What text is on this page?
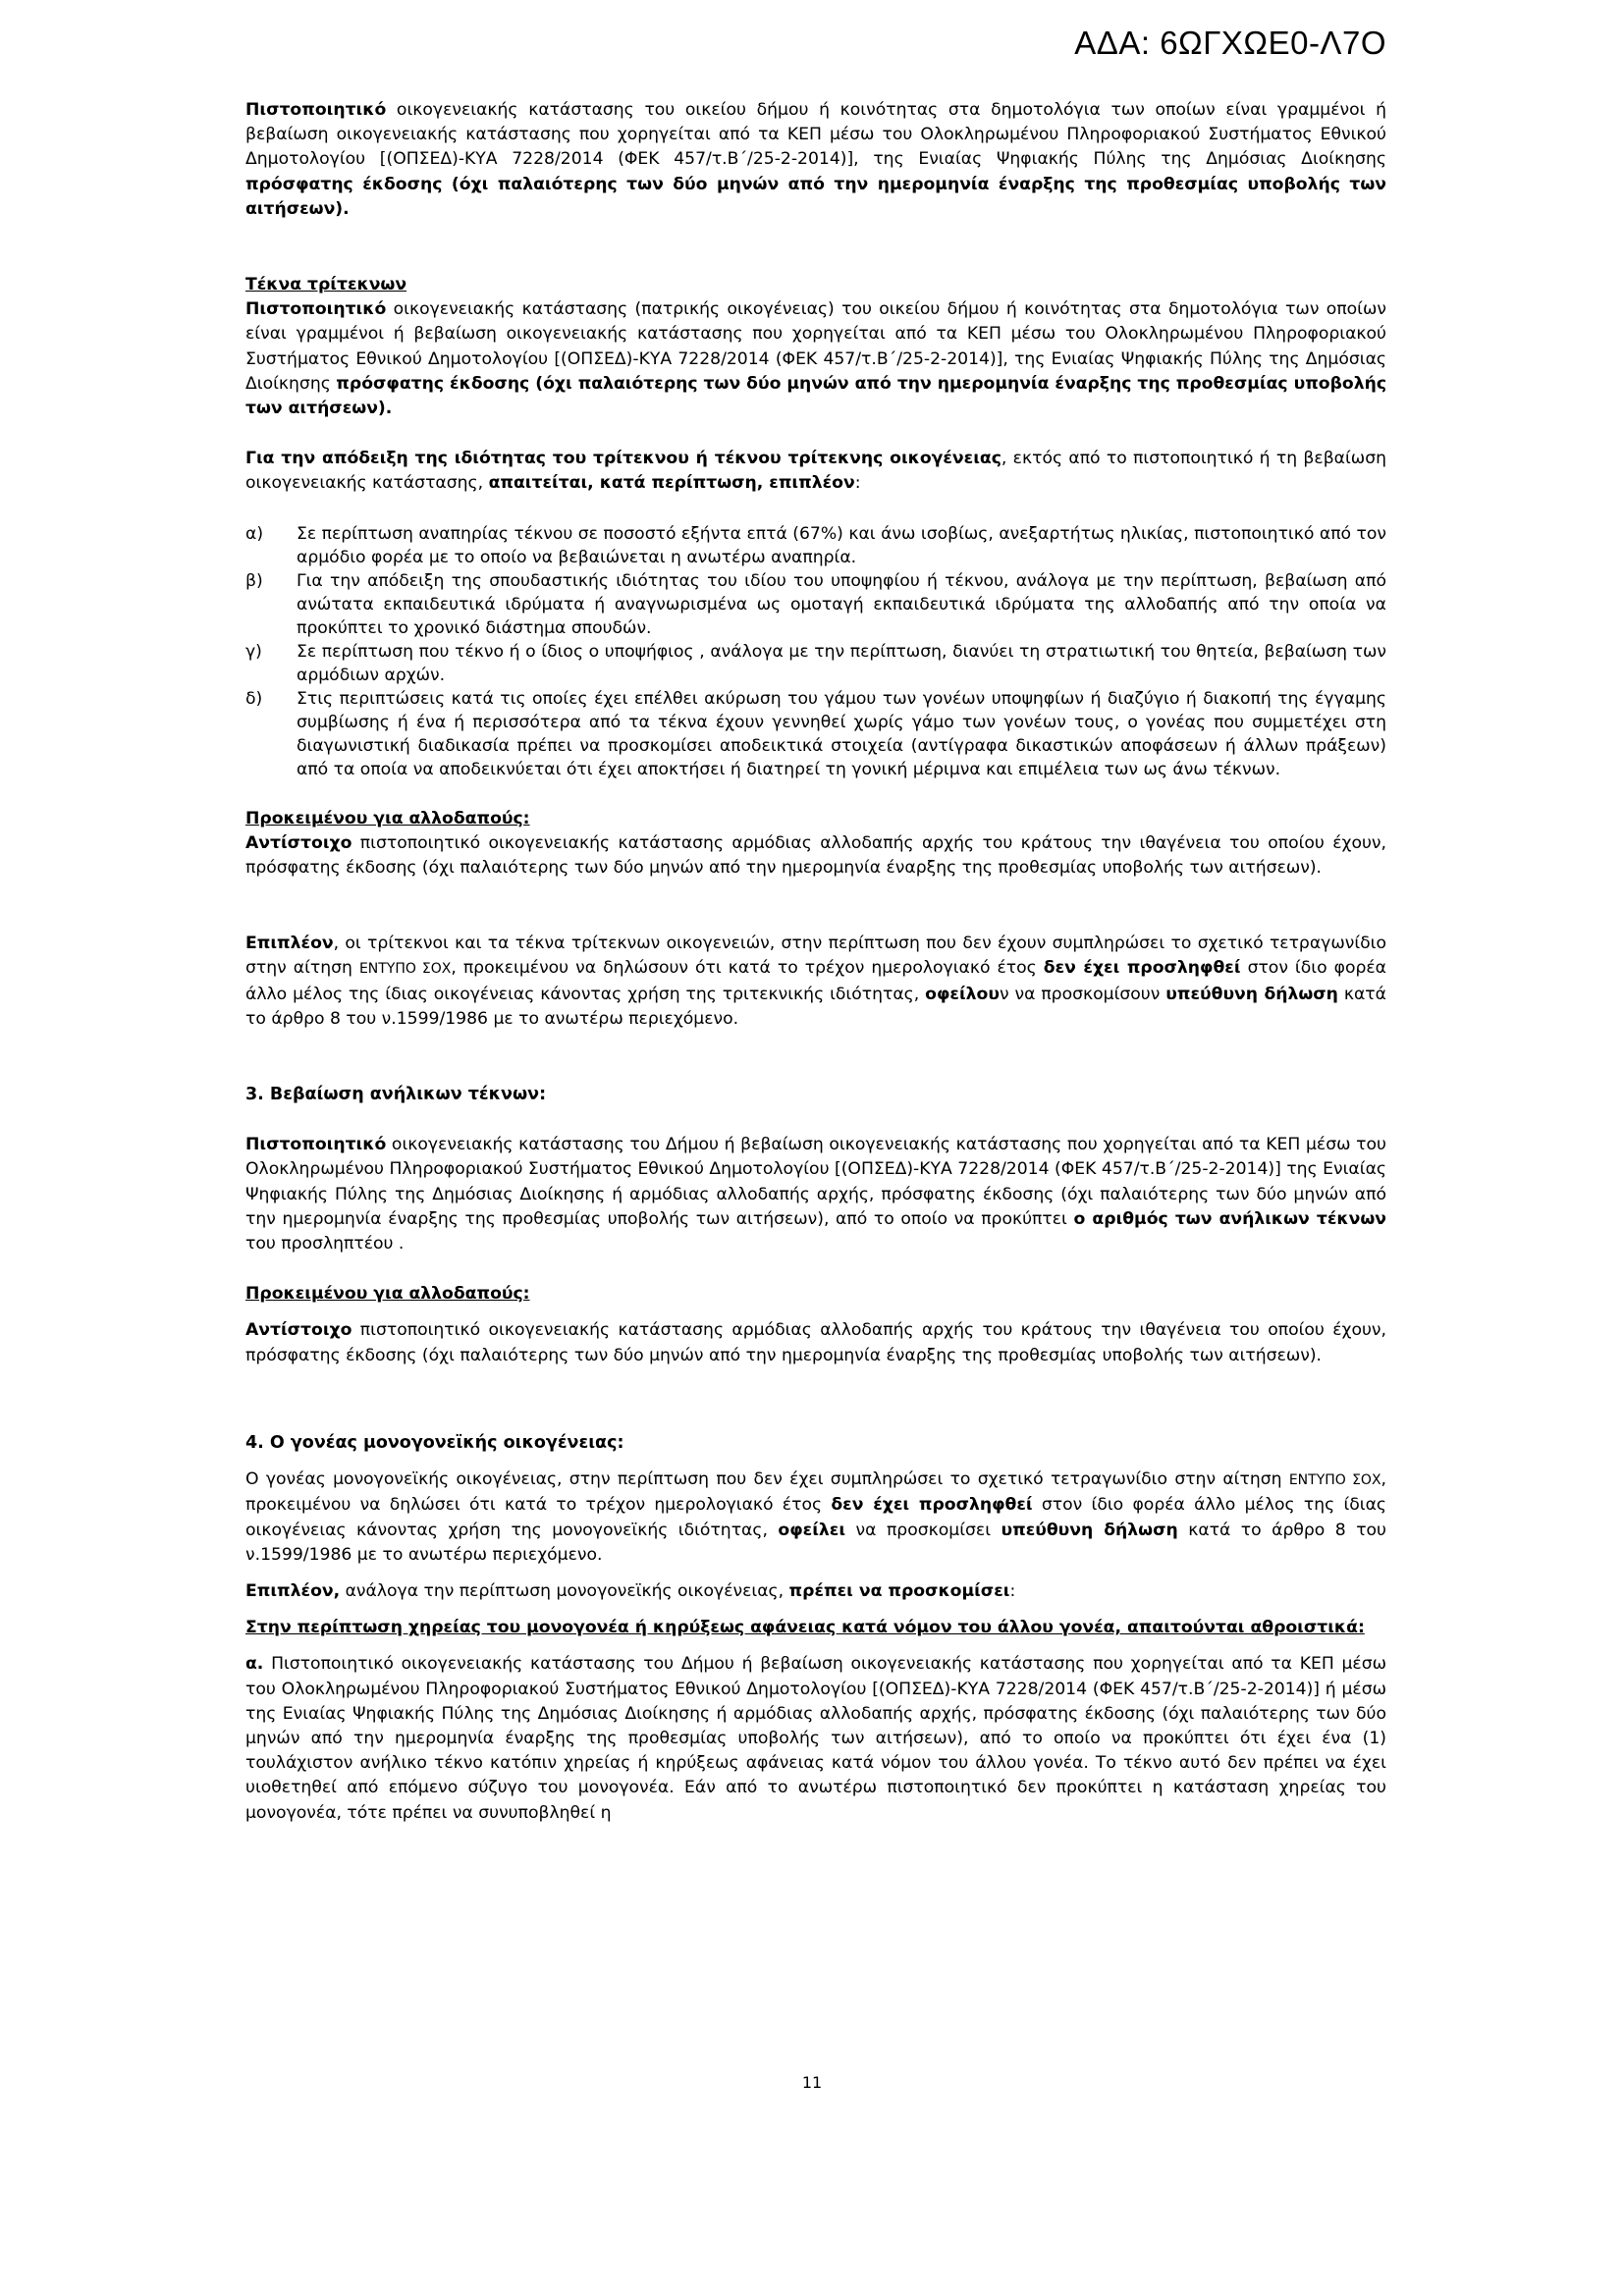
ΑΔΑ: 6ΩΓΧΩΕ0-Λ7Ο

Πιστοποιητικό οικογενειακής κατάστασης του οικείου δήμου ή κοινότητας στα δημοτολόγια των οποίων είναι γραμμένοι ή βεβαίωση οικογενειακής κατάστασης που χορηγείται από τα ΚΕΠ μέσω του Ολοκληρωμένου Πληροφοριακού Συστήματος Εθνικού Δημοτολογίου [(ΟΠΣΕΔ)-ΚΥΑ 7228/2014 (ΦΕΚ 457/τ.Β΄/25-2-2014)], της Ενιαίας Ψηφιακής Πύλης της Δημόσιας Διοίκησης πρόσφατης έκδοσης (όχι παλαιότερης των δύο μηνών από την ημερομηνία έναρξης της προθεσμίας υποβολής των αιτήσεων).

Τέκνα τρίτεκνων

Πιστοποιητικό οικογενειακής κατάστασης (πατρικής οικογένειας) του οικείου δήμου ή κοινότητας στα δημοτολόγια των οποίων είναι γραμμένοι ή βεβαίωση οικογενειακής κατάστασης που χορηγείται από τα ΚΕΠ μέσω του Ολοκληρωμένου Πληροφοριακού Συστήματος Εθνικού Δημοτολογίου [(ΟΠΣΕΔ)-ΚΥΑ 7228/2014 (ΦΕΚ 457/τ.Β΄/25-2-2014)], της Ενιαίας Ψηφιακής Πύλης της Δημόσιας Διοίκησης πρόσφατης έκδοσης (όχι παλαιότερης των δύο μηνών από την ημερομηνία έναρξης της προθεσμίας υποβολής των αιτήσεων).

Για την απόδειξη της ιδιότητας του τρίτεκνου ή τέκνου τρίτεκνης οικογένειας, εκτός από το πιστοποιητικό ή τη βεβαίωση οικογενειακής κατάστασης, απαιτείται, κατά περίπτωση, επιπλέον:

α) Σε περίπτωση αναπηρίας τέκνου σε ποσοστό εξήντα επτά (67%) και άνω ισοβίως, ανεξαρτήτως ηλικίας, πιστοποιητικό από τον αρμόδιο φορέα με το οποίο να βεβαιώνεται η ανωτέρω αναπηρία.
β) Για την απόδειξη της σπουδαστικής ιδιότητας του ιδίου του υποψηφίου ή τέκνου, ανάλογα με την περίπτωση, βεβαίωση από ανώτατα εκπαιδευτικά ιδρύματα ή αναγνωρισμένα ως ομοταγή εκπαιδευτικά ιδρύματα της αλλοδαπής από την οποία να προκύπτει το χρονικό διάστημα σπουδών.
γ) Σε περίπτωση που τέκνο ή ο ίδιος ο υποψήφιος , ανάλογα με την περίπτωση, διανύει τη στρατιωτική του θητεία, βεβαίωση των αρμόδιων αρχών.
δ) Στις περιπτώσεις κατά τις οποίες έχει επέλθει ακύρωση του γάμου των γονέων υποψηφίων ή διαζύγιο ή διακοπή της έγγαμης συμβίωσης ή ένα ή περισσότερα από τα τέκνα έχουν γεννηθεί χωρίς γάμο των γονέων τους, ο γονέας που συμμετέχει στη διαγωνιστική διαδικασία πρέπει να προσκομίσει αποδεικτικά στοιχεία (αντίγραφα δικαστικών αποφάσεων ή άλλων πράξεων) από τα οποία να αποδεικνύεται ότι έχει αποκτήσει ή διατηρεί τη γονική μέριμνα και επιμέλεια των ως άνω τέκνων.

Προκειμένου για αλλοδαπούς:

Αντίστοιχο πιστοποιητικό οικογενειακής κατάστασης αρμόδιας αλλοδαπής αρχής του κράτους την ιθαγένεια του οποίου έχουν, πρόσφατης έκδοσης (όχι παλαιότερης των δύο μηνών από την ημερομηνία έναρξης της προθεσμίας υποβολής των αιτήσεων).

Επιπλέον, οι τρίτεκνοι και τα τέκνα τρίτεκνων οικογενειών, στην περίπτωση που δεν έχουν συμπληρώσει το σχετικό τετραγωνίδιο στην αίτηση ΕΝΤΥΠΟ ΣΟΧ, προκειμένου να δηλώσουν ότι κατά το τρέχον ημερολογιακό έτος δεν έχει προσληφθεί στον ίδιο φορέα άλλο μέλος της ίδιας οικογένειας κάνοντας χρήση της τριτεκνικής ιδιότητας, οφείλουν να προσκομίσουν υπεύθυνη δήλωση κατά το άρθρο 8 του ν.1599/1986 με το ανωτέρω περιεχόμενο.

3. Βεβαίωση ανήλικων τέκνων:

Πιστοποιητικό οικογενειακής κατάστασης του Δήμου ή βεβαίωση οικογενειακής κατάστασης που χορηγείται από τα ΚΕΠ μέσω του Ολοκληρωμένου Πληροφοριακού Συστήματος Εθνικού Δημοτολογίου [(ΟΠΣΕΔ)-ΚΥΑ 7228/2014 (ΦΕΚ 457/τ.Β΄/25-2-2014)] της Ενιαίας Ψηφιακής Πύλης της Δημόσιας Διοίκησης ή αρμόδιας αλλοδαπής αρχής, πρόσφατης έκδοσης (όχι παλαιότερης των δύο μηνών από την ημερομηνία έναρξης της προθεσμίας υποβολής των αιτήσεων), από το οποίο να προκύπτει ο αριθμός των ανήλικων τέκνων του προσληπτέου .

Προκειμένου για αλλοδαπούς:

Αντίστοιχο πιστοποιητικό οικογενειακής κατάστασης αρμόδιας αλλοδαπής αρχής του κράτους την ιθαγένεια του οποίου έχουν, πρόσφατης έκδοσης (όχι παλαιότερης των δύο μηνών από την ημερομηνία έναρξης της προθεσμίας υποβολής των αιτήσεων).

4. Ο γονέας μονογονεϊκής οικογένειας:

Ο γονέας μονογονεϊκής οικογένειας, στην περίπτωση που δεν έχει συμπληρώσει το σχετικό τετραγωνίδιο στην αίτηση ΕΝΤΥΠΟ ΣΟΧ, προκειμένου να δηλώσει ότι κατά το τρέχον ημερολογιακό έτος δεν έχει προσληφθεί στον ίδιο φορέα άλλο μέλος της ίδιας οικογένειας κάνοντας χρήση της μονογονεϊκής ιδιότητας, οφείλει να προσκομίσει υπεύθυνη δήλωση κατά το άρθρο 8 του ν.1599/1986 με το ανωτέρω περιεχόμενο.

Επιπλέον, ανάλογα την περίπτωση μονογονεϊκής οικογένειας, πρέπει να προσκομίσει:

Στην περίπτωση χηρείας του μονογονέα ή κηρύξεως αφάνειας κατά νόμον του άλλου γονέα, απαιτούνται αθροιστικά:

α. Πιστοποιητικό οικογενειακής κατάστασης του Δήμου ή βεβαίωση οικογενειακής κατάστασης που χορηγείται από τα ΚΕΠ μέσω του Ολοκληρωμένου Πληροφοριακού Συστήματος Εθνικού Δημοτολογίου [(ΟΠΣΕΔ)-ΚΥΑ 7228/2014 (ΦΕΚ 457/τ.Β΄/25-2-2014)] ή μέσω της Ενιαίας Ψηφιακής Πύλης της Δημόσιας Διοίκησης ή αρμόδιας αλλοδαπής αρχής, πρόσφατης έκδοσης (όχι παλαιότερης των δύο μηνών από την ημερομηνία έναρξης της προθεσμίας υποβολής των αιτήσεων), από το οποίο να προκύπτει ότι έχει ένα (1) τουλάχιστον ανήλικο τέκνο κατόπιν χηρείας ή κηρύξεως αφάνειας κατά νόμον του άλλου γονέα. Το τέκνο αυτό δεν πρέπει να έχει υιοθετηθεί από επόμενο σύζυγο του μονογονέα. Εάν από το ανωτέρω πιστοποιητικό δεν προκύπτει η κατάσταση χηρείας του μονογονέα, τότε πρέπει να συνυποβληθεί η

11
